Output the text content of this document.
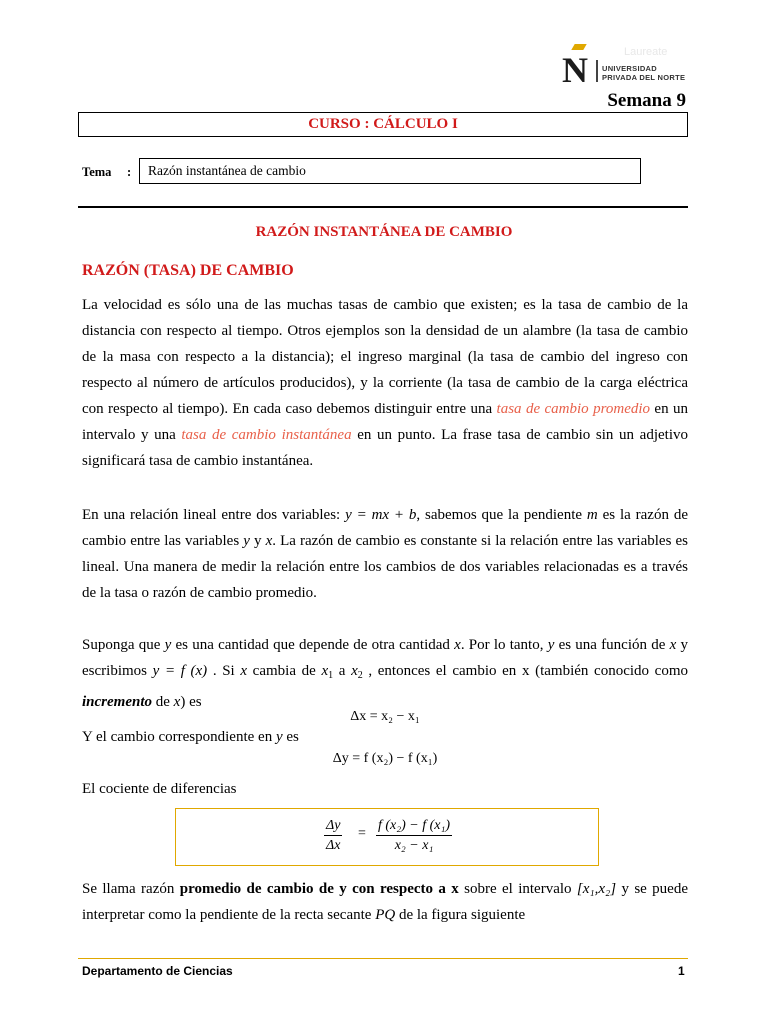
Laureate
N UNIVERSIDAD
PRIVADA DEL NORTE
Semana 9
CURSO : CÁLCULO I
Tema : Razón instantánea de cambio
RAZÓN INSTANTÁNEA DE CAMBIO
RAZÓN (TASA) DE CAMBIO

La velocidad es sólo una de las muchas tasas de cambio que existen; es la tasa de cambio de la distancia con respecto al tiempo. Otros ejemplos son la densidad de un alambre (la tasa de cambio de la masa con respecto a la distancia); el ingreso marginal (la tasa de cambio del ingreso con respecto al número de artículos producidos), y la corriente (la tasa de cambio de la carga eléctrica con respecto al tiempo). En cada caso debemos distinguir entre una tasa de cambio promedio en un intervalo y una tasa de cambio instantánea en un punto. La frase tasa de cambio sin un adjetivo significará tasa de cambio instantánea.

En una relación lineal entre dos variables: y = mx + b, sabemos que la pendiente m es la razón de cambio entre las variables y y x. La razón de cambio es constante si la relación entre las variables es lineal. Una manera de medir la relación entre los cambios de dos variables relacionadas es a través de la tasa o razón de cambio promedio.

Suponga que y es una cantidad que depende de otra cantidad x. Por lo tanto, y es una función de x y escribimos y = f (x) . Si x cambia de $x_1$ a $x_2$ , entonces el cambio en x (también conocido como incremento de x) es

Δx = x₂ − x₁

Y el cambio correspondiente en y es

Δy = f (x₂) − f (x₁)
El cociente de diferencias
$\frac{\Delta y}{\Delta x} = \frac{\text{f (x₂) − f (x₁)}}{\text{x₂ − x₁}}$

Se llama razón promedio de cambio de y con respecto a x sobre el intervalo [x₁,x₂] y se puede interpretar como la pendiente de la recta secante PQ de la figura siguiente

Departamento de Ciencias	1
